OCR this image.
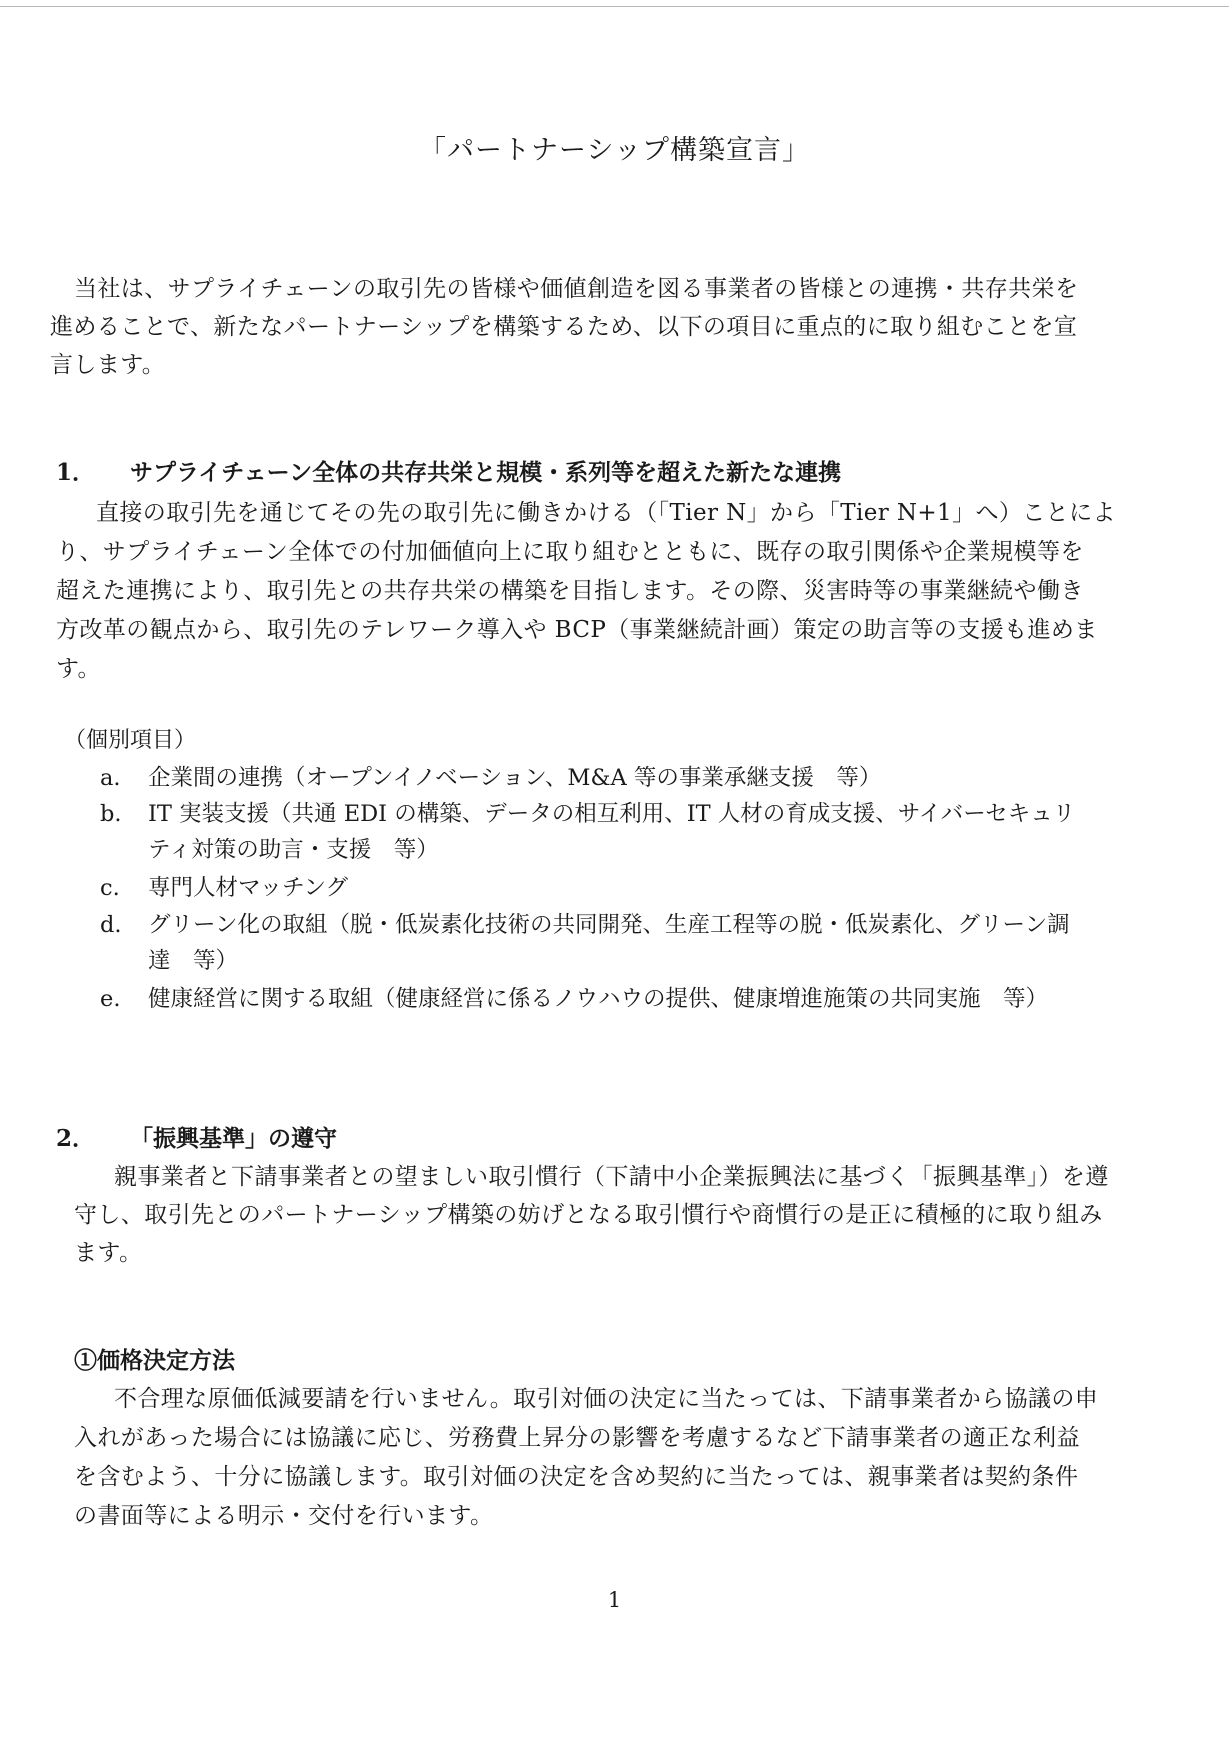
「パートナーシップ構築宣言」

当社は、サプライチェーンの取引先の皆様や価値創造を図る事業者の皆様との連携・共存共栄を

進めることで、新たなパートナーシップを構築するため、以下の項目に重点的に取り組むことを宣

言します。

1． サプライチェーン全体の共存共栄と規模・系列等を超えた新たな連携

直接の取引先を通じてその先の取引先に働きかける（「Tier N」から「Tier N+1」へ）ことによ

り、サプライチェーン全体での付加価値向上に取り組むとともに、既存の取引関係や企業規模等を

超えた連携により、取引先との共存共栄の構築を目指します。その際、災害時等の事業継続や働き

方改革の観点から、取引先のテレワーク導入や BCP（事業継続計画）策定の助言等の支援も進めま

す。

（個別項目）
a.	企業間の連携（オープンイノベーション、M&A 等の事業承継支援　等）
b.	IT 実装支援（共通 EDI の構築、データの相互利用、IT 人材の育成支援、サイバーセキュリ
ティ対策の助言・支援　等）
c.	専門人材マッチング
d.	グリーン化の取組（脱・低炭素化技術の共同開発、生産工程等の脱・低炭素化、グリーン調
達　等）
e.	健康経営に関する取組（健康経営に係るノウハウの提供、健康増進施策の共同実施　等）
2． 「振興基準」の遵守

親事業者と下請事業者との望ましい取引慣行（下請中小企業振興法に基づく「振興基準」）を遵

守し、取引先とのパートナーシップ構築の妨げとなる取引慣行や商慣行の是正に積極的に取り組み

ます。

①価格決定方法

不合理な原価低減要請を行いません。取引対価の決定に当たっては、下請事業者から協議の申

入れがあった場合には協議に応じ、労務費上昇分の影響を考慮するなど下請事業者の適正な利益

を含むよう、十分に協議します。取引対価の決定を含め契約に当たっては、親事業者は契約条件

の書面等による明示・交付を行います。

1
